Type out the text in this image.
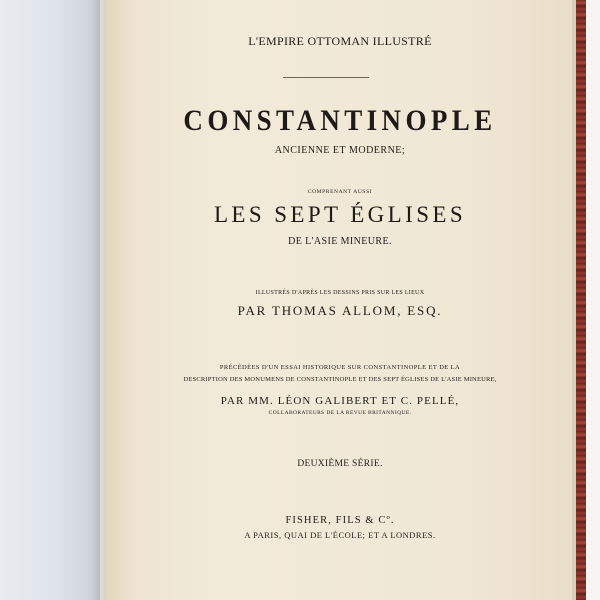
L'EMPIRE OTTOMAN ILLUSTRÉ

CONSTANTINOPLE

ANCIENNE ET MODERNE;

COMPRENANT AUSSI

LES SEPT ÉGLISES

DE L'ASIE MINEURE.

ILLUSTRÉS D'APRÈS LES DESSINS PRIS SUR LES LIEUX

PAR THOMAS ALLOM, ESQ.

PRÉCÉDÉES D'UN ESSAI HISTORIQUE SUR CONSTANTINOPLE ET DE LA

DESCRIPTION DES MONUMENS DE CONSTANTINOPLE ET DES SEPT ÉGLISES DE L'ASIE MINEURE,

PAR MM. LÉON GALIBERT ET C. PELLÉ,

COLLABORATEURS DE LA REVUE BRITANNIQUE.

DEUXIÈME SÉRIE.

FISHER, FILS & Cº.

A PARIS, QUAI DE L'ÉCOLE; ET A LONDRES.
